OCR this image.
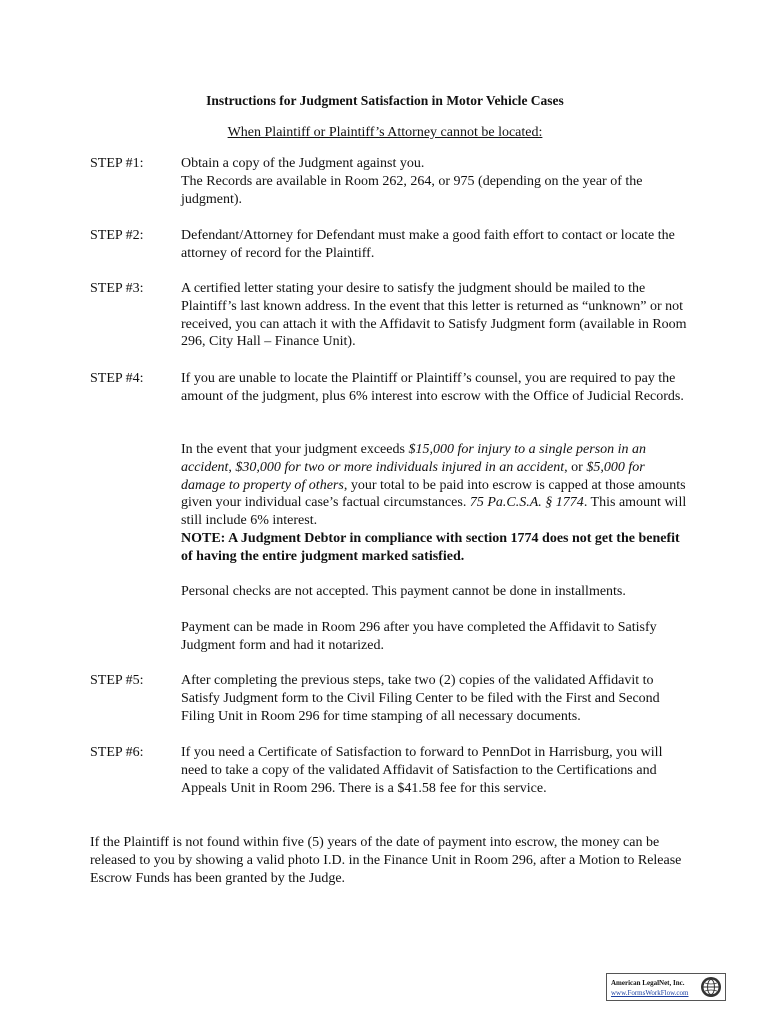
Instructions for Judgment Satisfaction in Motor Vehicle Cases
When Plaintiff or Plaintiff’s Attorney cannot be located:
STEP #1:	Obtain a copy of the Judgment against you.

The Records are available in Room 262, 264, or 975 (depending on the year of the judgment).

STEP #2:	Defendant/Attorney for Defendant must make a good faith effort to contact or locate the attorney of record for the Plaintiff.

STEP #3:	A certified letter stating your desire to satisfy the judgment should be mailed to the Plaintiff’s last known address. In the event that this letter is returned as “unknown” or not received, you can attach it with the Affidavit to Satisfy Judgment form (available in Room 296, City Hall – Finance Unit).

STEP #4:	If you are unable to locate the Plaintiff or Plaintiff’s counsel, you are required to pay the amount of the judgment, plus 6% interest into escrow with the Office of Judicial Records.

In the event that your judgment exceeds $15,000 for injury to a single person in an accident, $30,000 for two or more individuals injured in an accident, or $5,000 for damage to property of others, your total to be paid into escrow is capped at those amounts given your individual case’s factual circumstances. 75 Pa.C.S.A. § 1774. This amount will still include 6% interest.
NOTE: A Judgment Debtor in compliance with section 1774 does not get the benefit of having the entire judgment marked satisfied.

Personal checks are not accepted. This payment cannot be done in installments.

Payment can be made in Room 296 after you have completed the Affidavit to Satisfy Judgment form and had it notarized.

STEP #5:	After completing the previous steps, take two (2) copies of the validated Affidavit to Satisfy Judgment form to the Civil Filing Center to be filed with the First and Second Filing Unit in Room 296 for time stamping of all necessary documents.

STEP #6:	If you need a Certificate of Satisfaction to forward to PennDot in Harrisburg, you will need to take a copy of the validated Affidavit of Satisfaction to the Certifications and Appeals Unit in Room 296. There is a $41.58 fee for this service.

If the Plaintiff is not found within five (5) years of the date of payment into escrow, the money can be released to you by showing a valid photo I.D. in the Finance Unit in Room 296, after a Motion to Release Escrow Funds has been granted by the Judge.

American LegalNet, Inc.
www.FormsWorkFlow.com
